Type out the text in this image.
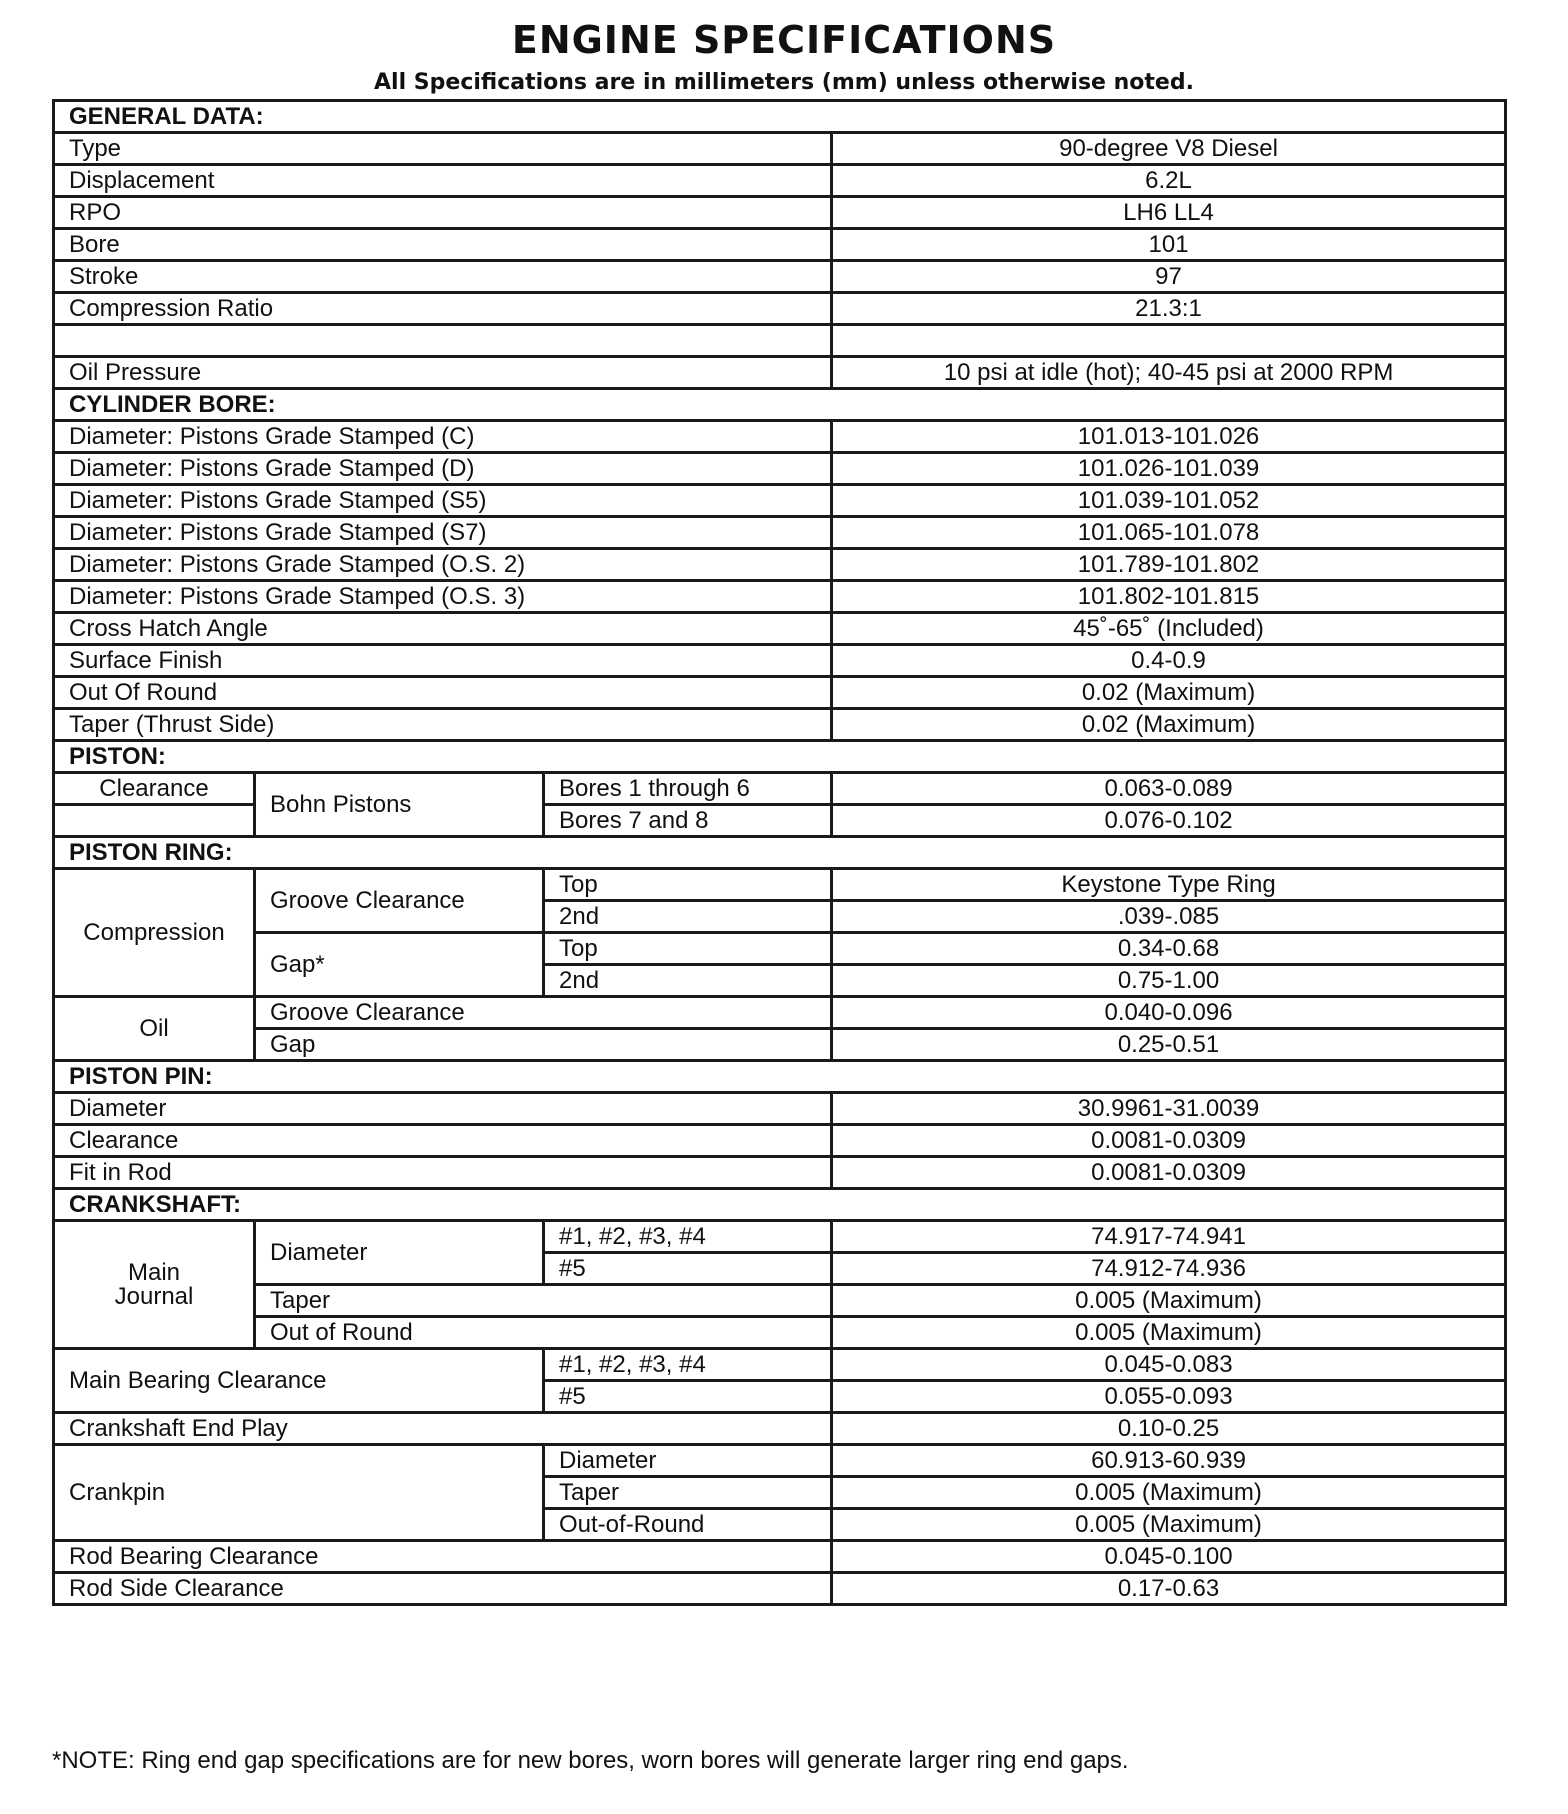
ENGINE SPECIFICATIONS
All Specifications are in millimeters (mm) unless otherwise noted.
GENERAL DATA:			
Type			90-degree V8 Diesel
Displacement			6.2L
RPO			LH6 LL4
Bore			101
Stroke			97
Compression Ratio			21.3:1

Oil Pressure			10 psi at idle (hot); 40-45 psi at 2000 RPM
CYLINDER BORE:			
Diameter: Pistons Grade Stamped (C)			101.013-101.026
Diameter: Pistons Grade Stamped (D)			101.026-101.039
Diameter: Pistons Grade Stamped (S5)			101.039-101.052
Diameter: Pistons Grade Stamped (S7)			101.065-101.078
Diameter: Pistons Grade Stamped (O.S. 2)			101.789-101.802
Diameter: Pistons Grade Stamped (O.S. 3)			101.802-101.815
Cross Hatch Angle			45˚-65˚ (Included)
Surface Finish			0.4-0.9
Out Of Round			0.02 (Maximum)
Taper (Thrust Side)			0.02 (Maximum)
PISTON:			
Clearance	Bohn Pistons	Bores 1 through 6	0.063-0.089
		Bores 7 and 8	0.076-0.102
PISTON RING:			
Compression	Groove Clearance	Top	Keystone Type Ring
		2nd	.039-.085
	Gap*	Top	0.34-0.68
		2nd	0.75-1.00
Oil	Groove Clearance		0.040-0.096
	Gap		0.25-0.51
PISTON PIN:			
Diameter			30.9961-31.0039
Clearance			0.0081-0.0309
Fit in Rod			0.0081-0.0309
CRANKSHAFT:			
Main
Journal	Diameter	#1, #2, #3, #4	74.917-74.941
		#5	74.912-74.936
	Taper		0.005 (Maximum)
	Out of Round		0.005 (Maximum)
Main Bearing Clearance		#1, #2, #3, #4	0.045-0.083
		#5	0.055-0.093
Crankshaft End Play			0.10-0.25
Crankpin		Diameter	60.913-60.939
		Taper	0.005 (Maximum)
		Out-of-Round	0.005 (Maximum)
Rod Bearing Clearance			0.045-0.100
Rod Side Clearance			0.17-0.63
*NOTE: Ring end gap specifications are for new bores, worn bores will generate larger ring end gaps.
